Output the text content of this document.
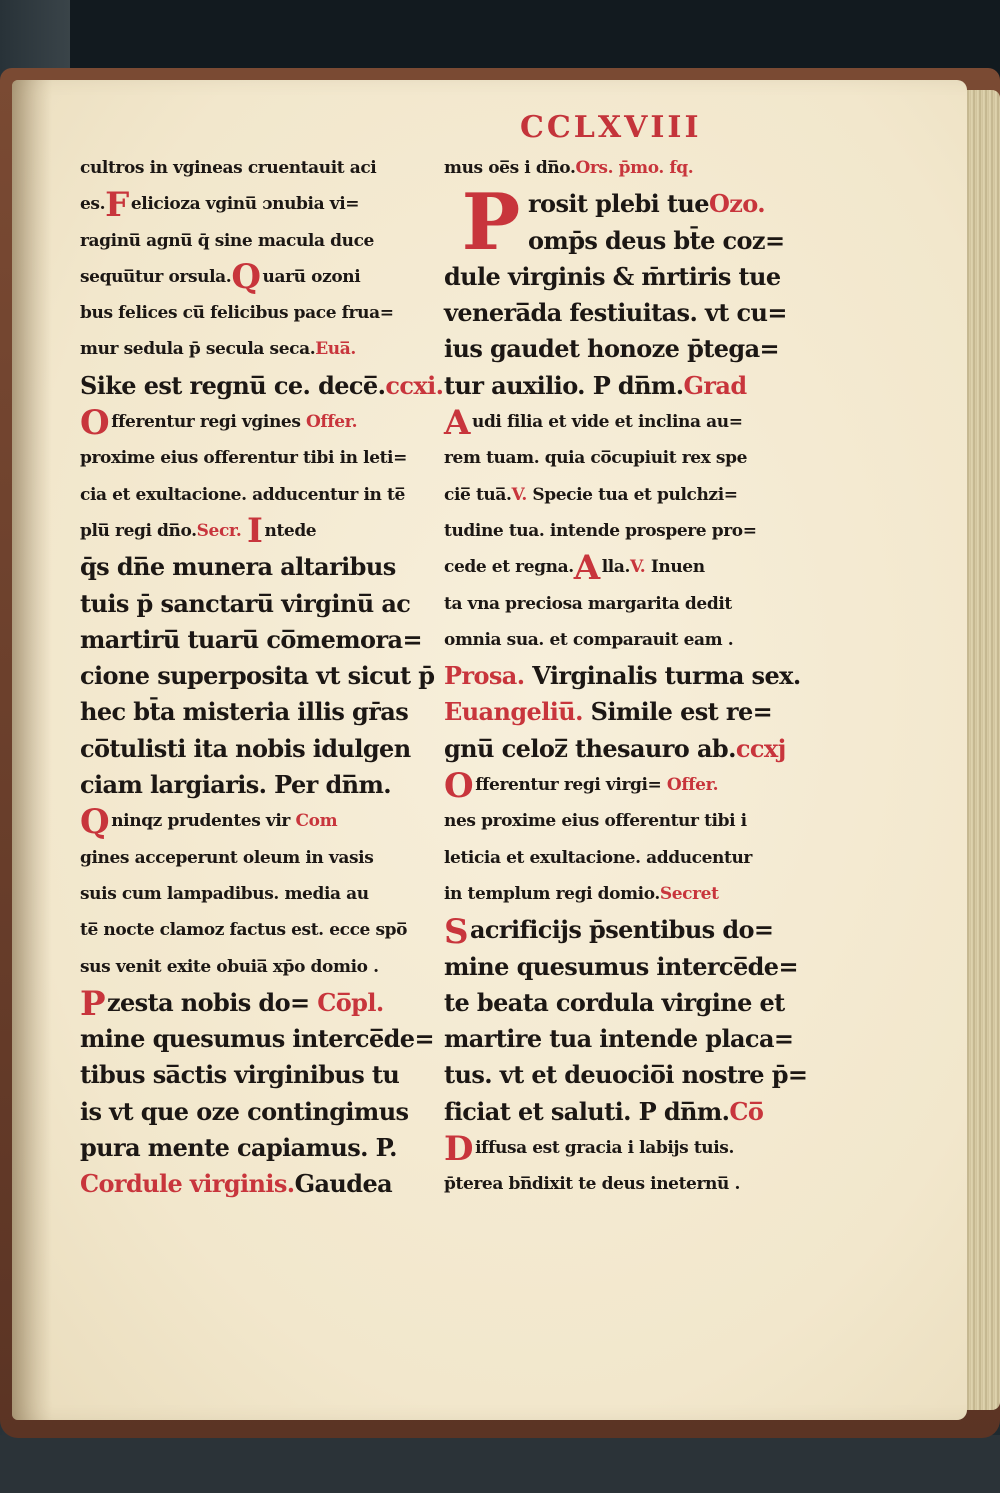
CCLXVIII
cultros in vgineas cruentauit aci
es.F elicioza vginu̅ ɔnubia vi=
raginu̅ agnu̅ q̄ sine macula duce
sequu̅tur orsula.Q uaru̅ ozoni
bus felices cu̅ felicibus pace frua=
mur sedula p̄ secula seca.Eua̅.
Sike est regnu̅ ce. dece̅.ccxi.
Offerentur regi vgines Offer.
proxime eius offerentur tibi in leti=
cia et exultacione. adducentur in te̅
plu̅ regi dn̅o.Secr. I ntede
q̄s dn̅e munera altaribus
tuis p̄ sanctaru̅ virginu̅ ac
martiru̅ tuaru̅ co̅memora=
cione superposita vt sicut p̄
hec bt̄a misteria illis gr̄as
co̅tulisti ita nobis idulgen
ciam largiaris. Per dn̅m.
Qninqz prudentes vir Com
gines acceperunt oleum in vasis
suis cum lampadibus. media au
te̅ nocte clamoz factus est. ecce spo̅
sus venit exite obuia̅ xp̄o domio .
Pzesta nobis do= Co̅pl.
mine quesumus interce̅de=
tibus sa̅ctis virginibus tu
is vt que oze contingimus
pura mente capiamus. P.
Cordule virginis.Gaudea
P
mus oe̅s i dn̅o.Ors. p̄mo. fq.
rosit plebi tueOzo.
omp̄s deus bt̄e coz=
dule virginis & m̄rtiris tue
venera̅da festiuitas. vt cu=
ius gaudet honoze p̄tega=
tur auxilio. P dn̅m.Grad
Audi filia et vide et inclina au=
rem tuam. quia co̅cupiuit rex spe
cie̅ tua̅.V. Specie tua et pulchzi=
tudine tua. intende prospere pro=
cede et regna.A lla.V. Inuen
ta vna preciosa margarita dedit
omnia sua. et comparauit eam .
Prosa. Virginalis turma sex.
Euangeliu̅. Simile est re=
gnu̅ celoz̅ thesauro ab.ccxj
Offerentur regi virgi= Offer.
nes proxime eius offerentur tibi i
leticia et exultacione. adducentur
in templum regi domio.Secret
Sacrificijs p̄sentibus do=
mine quesumus interce̅de=
te beata cordula virgine et
martire tua intende placa=
tus. vt et deuocio̅i nostre p̄=
ficiat et saluti. P dn̅m.Co̅
Diffusa est gracia i labijs tuis.
p̄terea bn̅dixit te deus ineternu̅ .
